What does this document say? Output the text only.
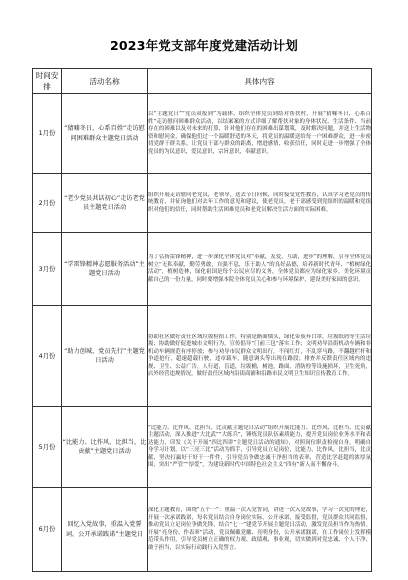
2023年党支部年度党建活动计划
时间安排	活动名称	具体内容
1月份	“猜嘘冬日，心系百姓”走访慰问困难群众主题党日活动	以“主题党日”“党员双报到”为载体，组织全体党员到结对帮扶村，开展“猜嘘冬日，心系百姓”走访慰问困难群众活动，以结案案的方式详细了解帮扶对象的身体状况、生活条件、当前存在的困难以及对未来的打算，针对他们存在的困难出谋划策，及时解决问题，并送上生活物资和慰问金，确保他们过一个温暖舒适的冬天，将党员的温暖送给每一户困难群众，进一步密切党群干群关系，让党员干部与群众的距离，增进感情，收获信任，同时走进一步增强了全体党员的为民意识，爱民意识，宗旨意识，奉献意识。

2月份	“老少党员共话初心”走访老党员主题党日活动	组织开展走访慰问老党员，老领导，送去节日问候，同时接受党性教育，认真学习老党员的传统教育，并征询他们对去年工作的意见和建议，使老党员，老干部感受到党组织的温暖和党组织对他们的信任，同时帮助生活困难党员和老党员解决生活方面的实际困难。

3月份	“学雷锋精神志愿服务活动”主题党日活动	为了弘扬雷锋精神，进一步深化全体党员对“奉献，友爱，互助，进步”的理解，引导全体党员树立“无私奉献，勤劳勇敢，自强不息，乐于助人”的良好品德，培养新时代青年，“植树绿化活动”，植树造林，绿化祖国是每个公民应尽的义务，全体党员都应为绿化家乡，美化环境贡献自己的一份力量，同时要增强本院全体党员关心和参与环境保护，建设美好家园的意识。

4月份	“助力创城，党员先行”主题党日活动	协助社区做好责任区域垃圾检拾工作，特别是路面烟头，绿化带废弃口罩，垃圾纸屑等生活垃圾；协助做好促进城市文明行为，宣传倡导“门前三包”落实工作；文明劝导沿街机动车辆和非机动车辆规范有序停放；参与劝导市民群众文明出行，不闯红灯，不乱穿马路，不翻越栏杆和争道抢行，超速超载行驶，违章载车，随意调头等出现在路段；排查并反馈责任区域内的违规、卫生、公益广告，人行道，盲道，垃圾桶，树池，路面，消防栓等设施损坏，卫生死角，店外经营违规情况，做好责任区域内沿街商铺和沿路市民文明卫生知识宣传教育工作。

5月份	“比能力、比作风、比担当，比贡献”主题党日活动	“比能力、比作风、比担当、比贡献主题党日活动”组织开展比能力、比作风、比担当、比贡献主题活动，深入推进“大比武”“大练兵”，锤炼党员队伍素质能力，提升党员岗位业务水平和表达能力，印发《关于开展“四比四讲”主题党日活动的通知》，对照岗位职责检视自身，明确自身学习计划，以“三亮三比”活动为抓手，引导党员立足岗位，比能力，比作风，比担当，比贡献，坚决打赢好干好干一件件，引导党员争做忠诚干净担当的表率，营造比学赶超的浓厚氛围，突出“严管”“厚爱”，为建设新时代中国特色社会主义“四有”新人而不懈奋斗。

6月份	回忆入党故事，重温入党誓词，公开承诺践诺”主题党日	深化主题教育，围绕“五个一”：重温一次入党誓词，讲述一次入党故事，学习一次党的理论，开展一次承诺践诺，每名党员结合自身岗位实际，公开承诺，接受监督，党员群众共同监督，推动党员立足岗位争做先锋，结合“七一”建党节开展主题党日活动，激发党员担当作为热情。开展“亮身份、作表率”活动，党员佩戴党徽、亮明身份，公开承诺践诺，在工作岗位上发挥模范带头作用，引导党员树立正确的权力观、政绩观、事业观，切实做到对党忠诚、个人干净、敢于担当，以实际行动践行入党誓言。
